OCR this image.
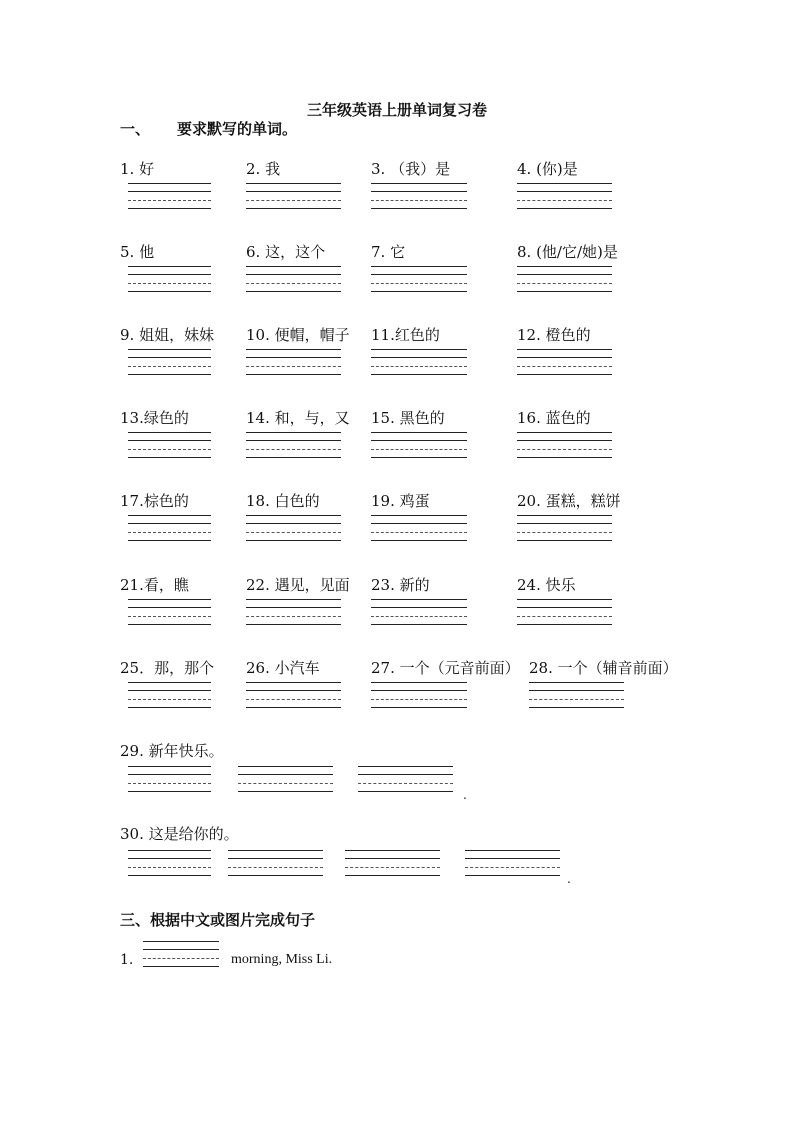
三年级英语上册单词复习卷
一、 要求默写的单词。
1. 好	2. 我	3. （我）是	4. (你)是
5. 他	6. 这，这个	7. 它	8. (他/它/她)是
9. 姐姐，妹妹 10. 便帽，帽子 11.红色的	12. 橙色的
13.绿色的	14. 和，与，又 15. 黑色的	16. 蓝色的
17.棕色的	18. 白色的	19. 鸡蛋	20. 蛋糕，糕饼
21.看，瞧	22. 遇见，见面 23. 新的	24. 快乐
25．那，那个 26. 小汽车	27. 一个（元音前面） 28. 一个（辅音前面）
29. 新年快乐。
30. 这是给你的。
.
.
三、根据中文或图片完成句子
1.	morning, Miss Li.
